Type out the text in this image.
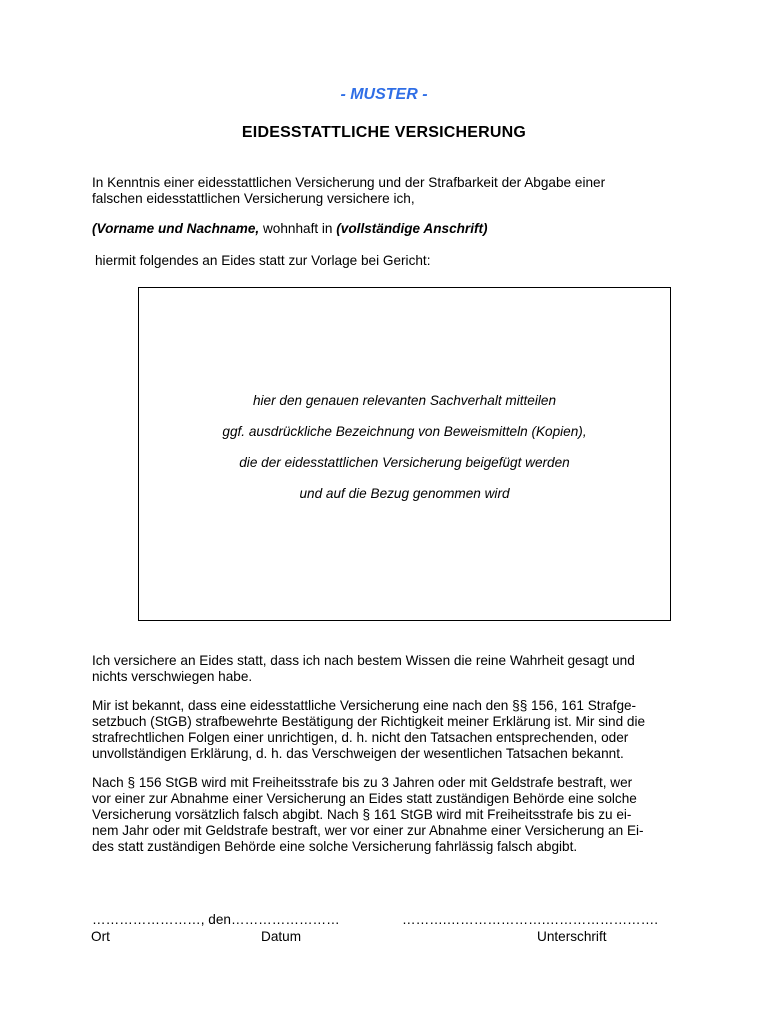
- MUSTER -
EIDESSTATTLICHE VERSICHERUNG
In Kenntnis einer eidesstattlichen Versicherung und der Strafbarkeit der Abgabe einer
falschen eidesstattlichen Versicherung versichere ich,
(Vorname und Nachname, wohnhaft in (vollständige Anschrift)
hiermit folgendes an Eides statt zur Vorlage bei Gericht:
hier den genauen relevanten Sachverhalt mitteilen
ggf. ausdrückliche Bezeichnung von Beweismitteln (Kopien),
die der eidesstattlichen Versicherung beigefügt werden
und auf die Bezug genommen wird
Ich versichere an Eides statt, dass ich nach bestem Wissen die reine Wahrheit gesagt und
nichts verschwiegen habe.
Mir ist bekannt, dass eine eidesstattliche Versicherung eine nach den §§ 156, 161 Strafge-
setzbuch (StGB) strafbewehrte Bestätigung der Richtigkeit meiner Erklärung ist. Mir sind die
strafrechtlichen Folgen einer unrichtigen, d. h. nicht den Tatsachen entsprechenden, oder
unvollständigen Erklärung, d. h. das Verschweigen der wesentlichen Tatsachen bekannt.
Nach § 156 StGB wird mit Freiheitsstrafe bis zu 3 Jahren oder mit Geldstrafe bestraft, wer
vor einer zur Abnahme einer Versicherung an Eides statt zuständigen Behörde eine solche
Versicherung vorsätzlich falsch abgibt. Nach § 161 StGB wird mit Freiheitsstrafe bis zu ei-
nem Jahr oder mit Geldstrafe bestraft, wer vor einer zur Abnahme einer Versicherung an Ei-
des statt zuständigen Behörde eine solche Versicherung fahrlässig falsch abgibt.
……………………, den……………………	……….………………….…………………….
Ort	Datum	Unterschrift
